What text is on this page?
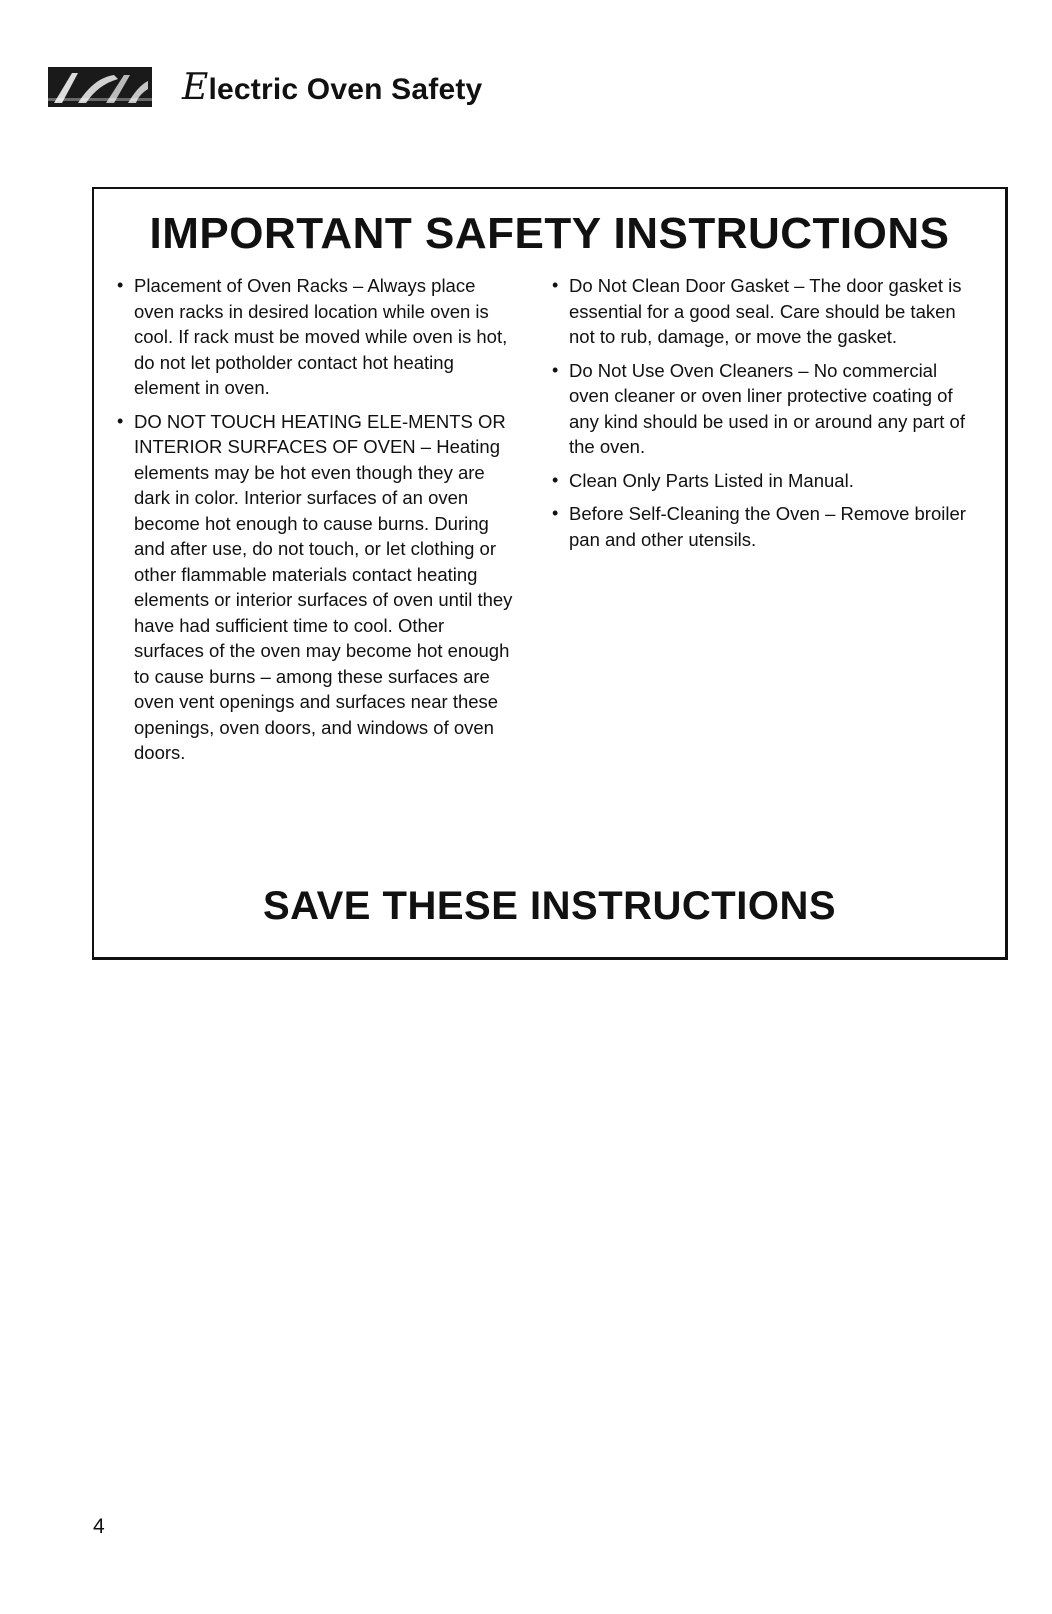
Electric Oven Safety
IMPORTANT SAFETY INSTRUCTIONS
• Placement of Oven Racks – Always place oven racks in desired location while oven is cool. If rack must be moved while oven is hot, do not let potholder contact hot heating element in oven.
• DO NOT TOUCH HEATING ELE-MENTS OR INTERIOR SURFACES OF OVEN – Heating elements may be hot even though they are dark in color. Interior surfaces of an oven become hot enough to cause burns. During and after use, do not touch, or let clothing or other flammable materials contact heating elements or interior surfaces of oven until they have had sufficient time to cool. Other surfaces of the oven may become hot enough to cause burns – among these surfaces are oven vent openings and surfaces near these openings, oven doors, and windows of oven doors.
• Do Not Clean Door Gasket – The door gasket is essential for a good seal. Care should be taken not to rub, damage, or move the gasket.
• Do Not Use Oven Cleaners – No commercial oven cleaner or oven liner protective coating of any kind should be used in or around any part of the oven.
• Clean Only Parts Listed in Manual.
• Before Self-Cleaning the Oven – Remove broiler pan and other utensils.
SAVE THESE INSTRUCTIONS
4
